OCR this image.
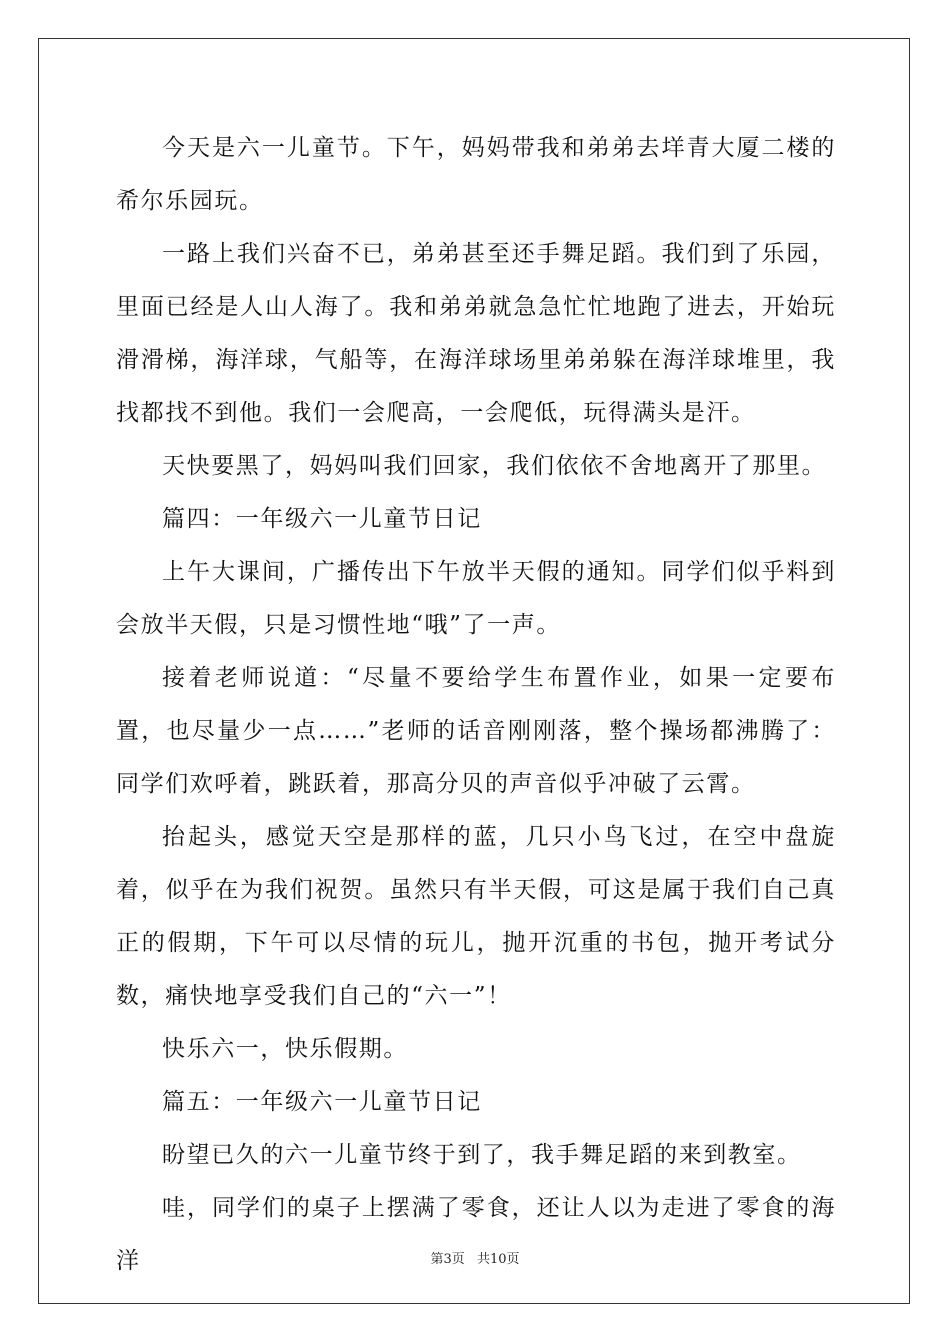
今天是六一儿童节。下午，妈妈带我和弟弟去垟青大厦二楼的希尔乐园玩。

一路上我们兴奋不已，弟弟甚至还手舞足蹈。我们到了乐园，里面已经是人山人海了。我和弟弟就急急忙忙地跑了进去，开始玩滑滑梯，海洋球，气船等，在海洋球场里弟弟躲在海洋球堆里，我找都找不到他。我们一会爬高，一会爬低，玩得满头是汗。

天快要黑了，妈妈叫我们回家，我们依依不舍地离开了那里。

篇四：一年级六一儿童节日记

上午大课间，广播传出下午放半天假的通知。同学们似乎料到会放半天假，只是习惯性地“哦”了一声。

接着老师说道：“尽量不要给学生布置作业，如果一定要布置，也尽量少一点……”老师的话音刚刚落，整个操场都沸腾了：同学们欢呼着，跳跃着，那高分贝的声音似乎冲破了云霄。

抬起头，感觉天空是那样的蓝，几只小鸟飞过，在空中盘旋着，似乎在为我们祝贺。虽然只有半天假，可这是属于我们自己真正的假期，下午可以尽情的玩儿，抛开沉重的书包，抛开考试分数，痛快地享受我们自己的“六一”！

快乐六一，快乐假期。

篇五：一年级六一儿童节日记

盼望已久的六一儿童节终于到了，我手舞足蹈的来到教室。

哇，同学们的桌子上摆满了零食，还让人以为走进了零食的海洋	第3页 共10页
